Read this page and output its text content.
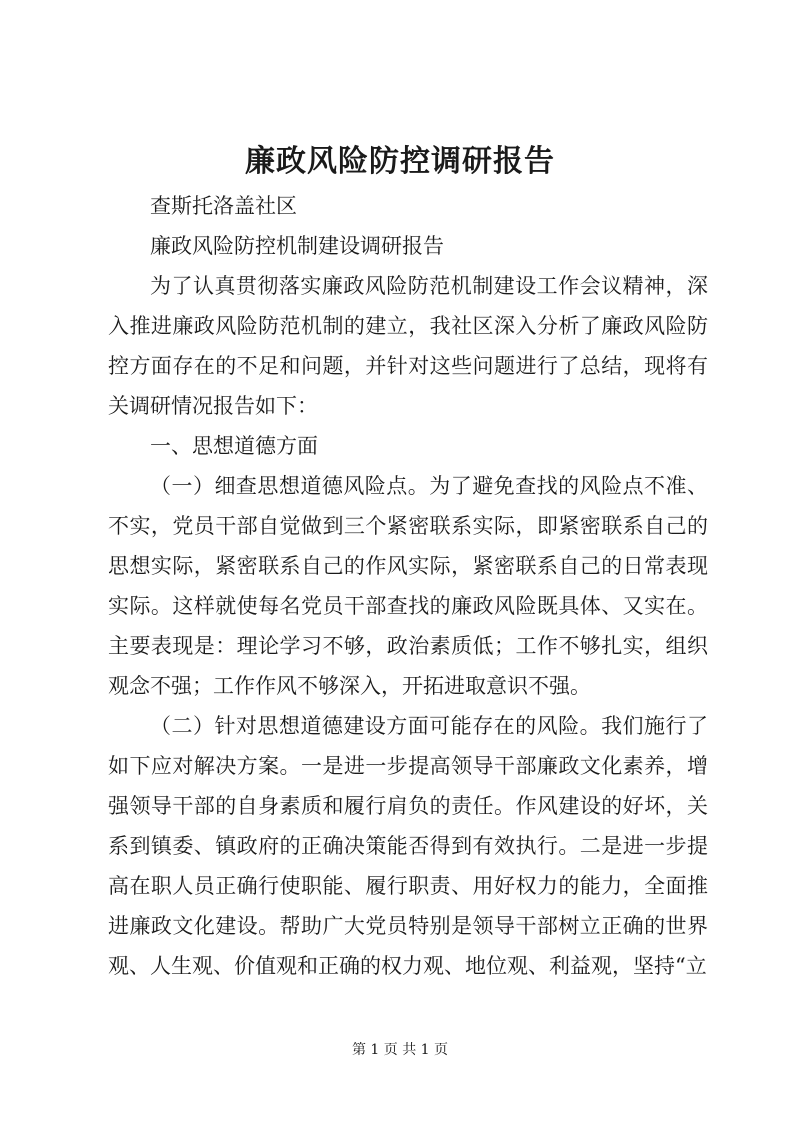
廉政风险防控调研报告

查斯托洛盖社区

廉政风险防控机制建设调研报告

为了认真贯彻落实廉政风险防范机制建设工作会议精神，深入推进廉政风险防范机制的建立，我社区深入分析了廉政风险防控方面存在的不足和问题，并针对这些问题进行了总结，现将有关调研情况报告如下：

一、思想道德方面

（一）细查思想道德风险点。为了避免查找的风险点不准、不实，党员干部自觉做到三个紧密联系实际，即紧密联系自己的思想实际，紧密联系自己的作风实际，紧密联系自己的日常表现实际。这样就使每名党员干部查找的廉政风险既具体、又实在。主要表现是：理论学习不够，政治素质低；工作不够扎实，组织观念不强；工作作风不够深入，开拓进取意识不强。

（二）针对思想道德建设方面可能存在的风险。我们施行了如下应对解决方案。一是进一步提高领导干部廉政文化素养，增强领导干部的自身素质和履行肩负的责任。作风建设的好坏，关系到镇委、镇政府的正确决策能否得到有效执行。二是进一步提高在职人员正确行使职能、履行职责、用好权力的能力，全面推进廉政文化建设。帮助广大党员特别是领导干部树立正确的世界观、人生观、价值观和正确的权力观、地位观、利益观，坚持“立

第 1 页 共 1 页
